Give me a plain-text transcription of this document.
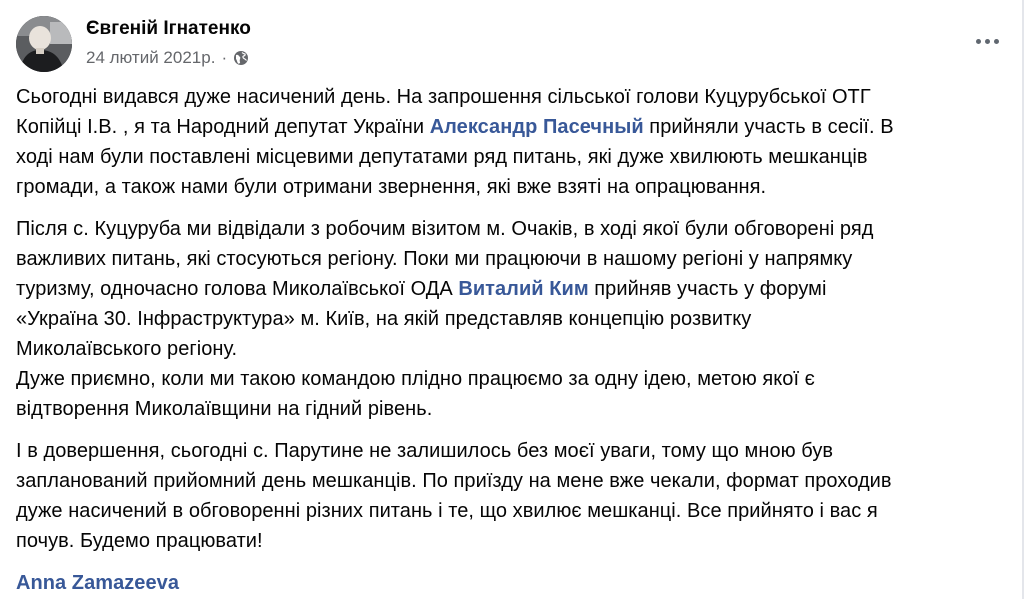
Євгеній Ігнатенко
24 лютий 2021р. ·

Сьогодні видався дуже насичений день. На запрошення сільської голови Куцурубської ОТГ
Копійці І.В. , я та Народний депутат України Александр Пасечный прийняли участь в сесії. В
ході нам були поставлені місцевими депутатами ряд питань, які дуже хвилюють мешканців
громади, а також нами були отримани звернення, які вже взяті на опрацювання.

Після с. Куцуруба ми відвідали з робочим візитом м. Очаків, в ході якої були обговорені ряд
важливих питань, які стосуються регіону. Поки ми працюючи в нашому регіоні у напрямку
туризму, одночасно голова Миколаївської ОДА Виталий Ким прийняв участь у форумі
«Україна 30. Інфраструктура» м. Київ, на якій представляв концепцію розвитку
Миколаївського регіону.
Дуже приємно, коли ми такою командою плідно працюємо за одну ідею, метою якої є
відтворення Миколаївщини на гідний рівень.

І в довершення, сьогодні с. Парутине не залишилось без моєї уваги, тому що мною був
запланований прийомний день мешканців. По приїзду на мене вже чекали, формат проходив
дуже насичений в обговоренні різних питань і те, що хвилює мешканці. Все прийнято і вас я
почув. Будемо працювати!

Anna Zamazeeva
